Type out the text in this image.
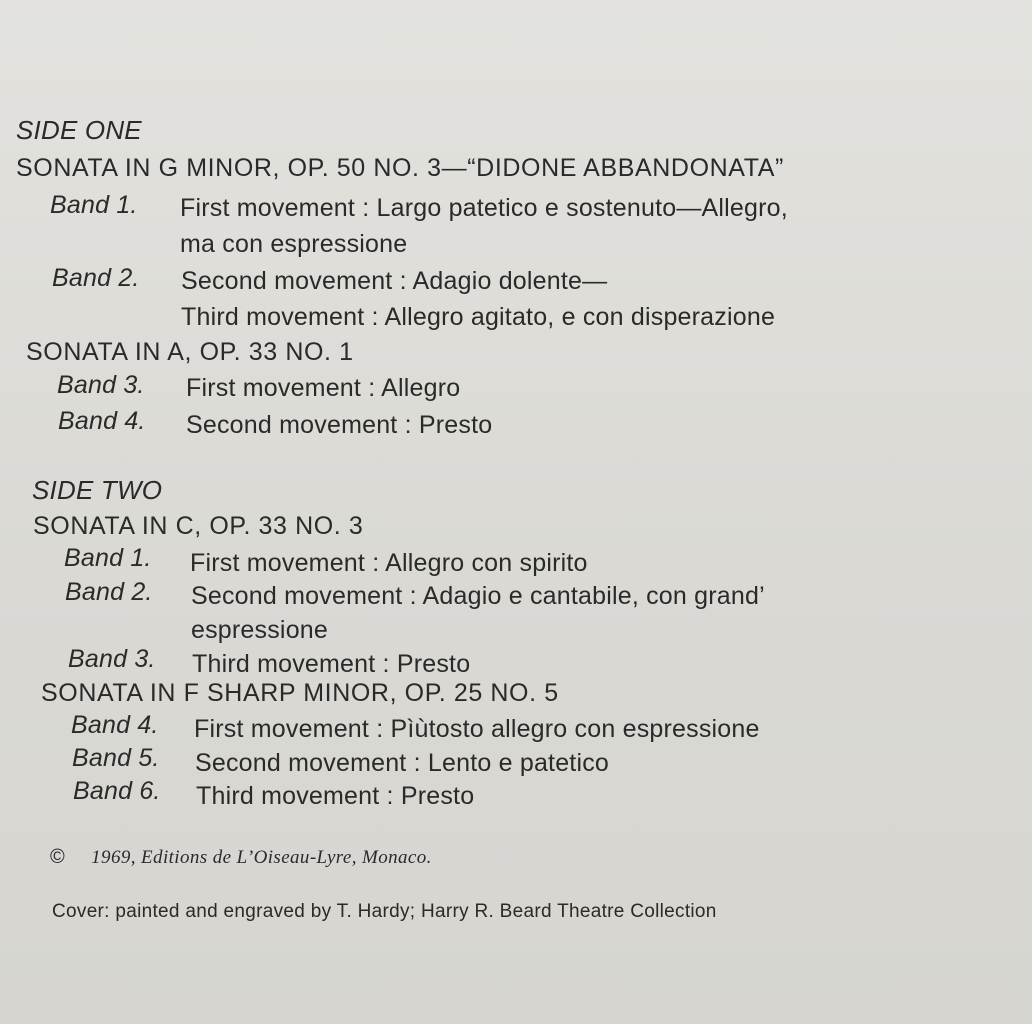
SIDE ONE
SONATA IN G MINOR, OP. 50 NO. 3—“DIDONE ABBANDONATA”
Band 1. First movement : Largo patetico e sostenuto—Allegro,
ma con espressione
Band 2. Second movement : Adagio dolente—
Third movement : Allegro agitato, e con disperazione
SONATA IN A, OP. 33 NO. 1
Band 3. First movement : Allegro
Band 4. Second movement : Presto
SIDE TWO
SONATA IN C, OP. 33 NO. 3
Band 1. First movement : Allegro con spirito
Band 2. Second movement : Adagio e cantabile, con grand’
espressione
Band 3. Third movement : Presto
SONATA IN F SHARP MINOR, OP. 25 NO. 5
Band 4. First movement : Pìùtosto allegro con espressione
Band 5. Second movement : Lento e patetico
Band 6. Third movement : Presto
© 1969, Editions de L’Oiseau-Lyre, Monaco.
Cover: painted and engraved by T. Hardy; Harry R. Beard Theatre Collection
